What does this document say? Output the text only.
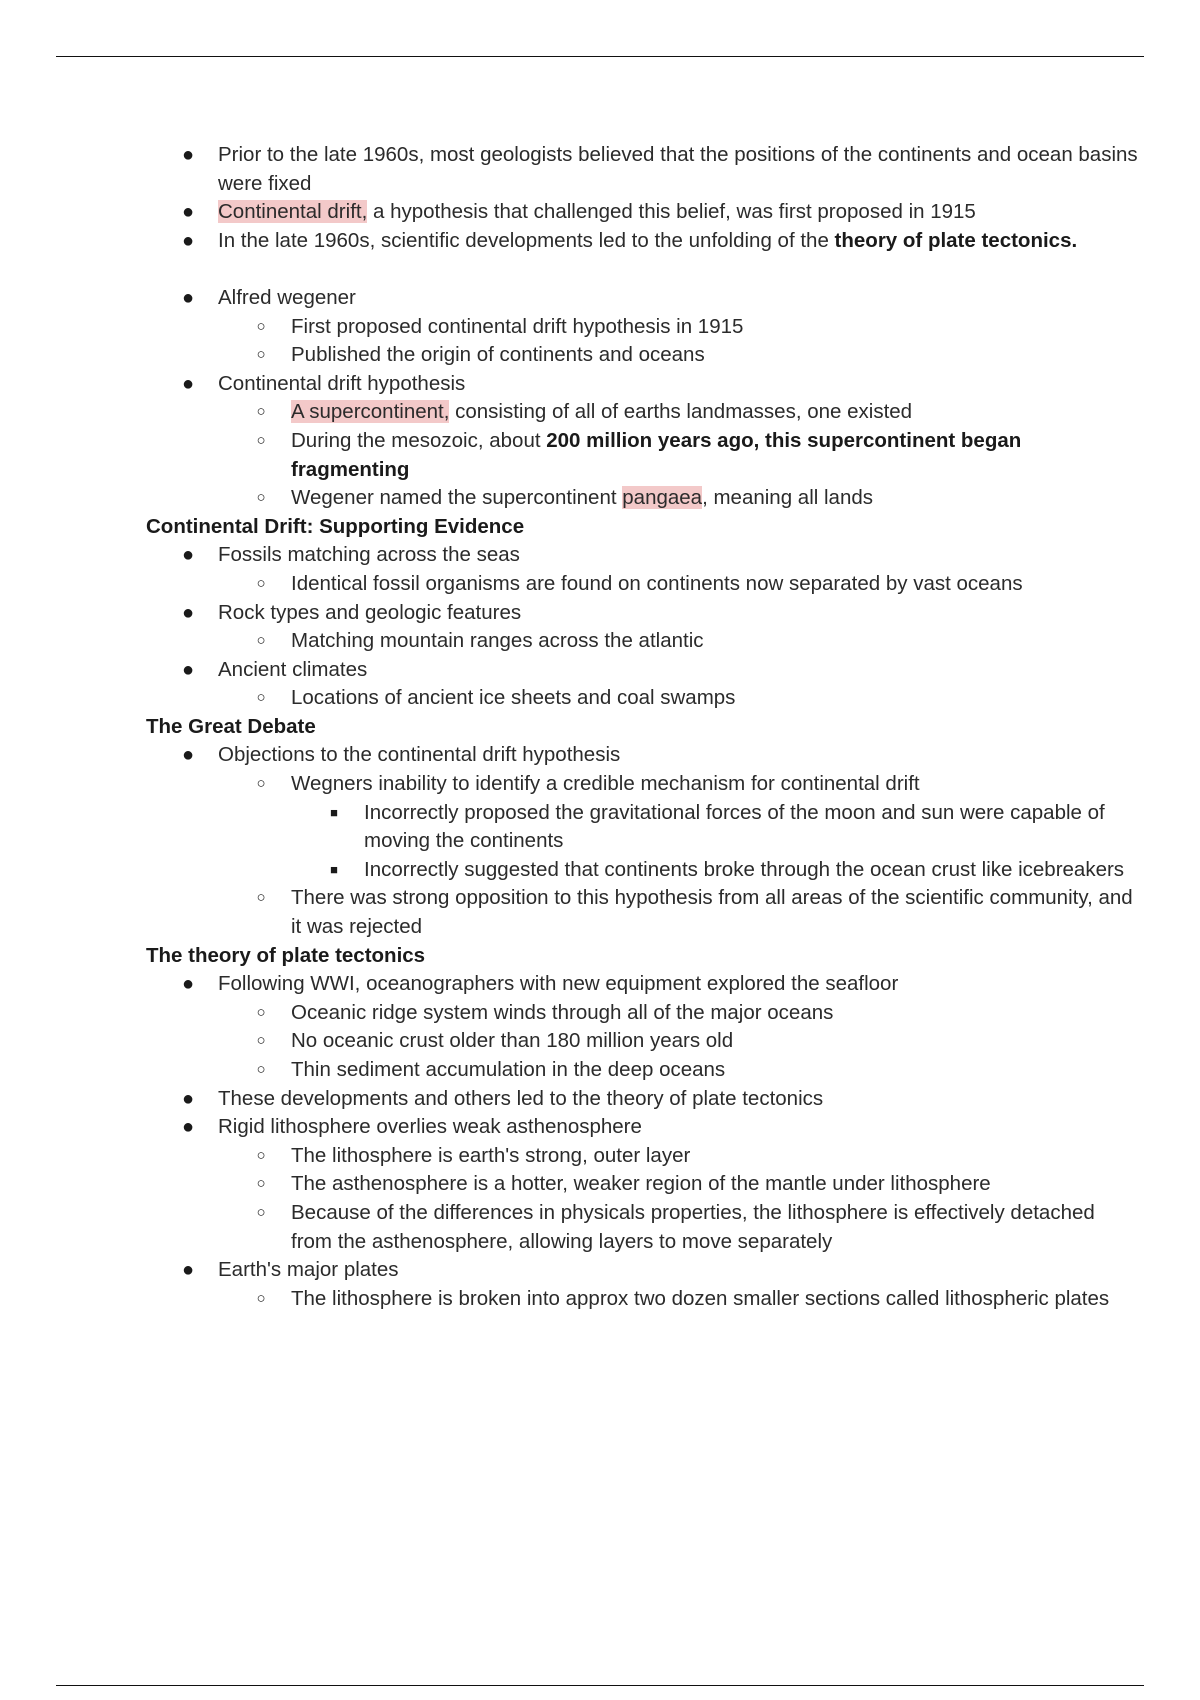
● Prior to the late 1960s, most geologists believed that the positions of the continents and ocean basins were fixed
● Continental drift, a hypothesis that challenged this belief, was first proposed in 1915
● In the late 1960s, scientific developments led to the unfolding of the theory of plate tectonics.
● Alfred wegener
○ First proposed continental drift hypothesis in 1915
○ Published the origin of continents and oceans
● Continental drift hypothesis
○ A supercontinent, consisting of all of earths landmasses, one existed
○ During the mesozoic, about 200 million years ago, this supercontinent began fragmenting
○ Wegener named the supercontinent pangaea, meaning all lands
Continental Drift: Supporting Evidence
● Fossils matching across the seas
○ Identical fossil organisms are found on continents now separated by vast oceans
● Rock types and geologic features
○ Matching mountain ranges across the atlantic
● Ancient climates
○ Locations of ancient ice sheets and coal swamps
The Great Debate
● Objections to the continental drift hypothesis
○ Wegners inability to identify a credible mechanism for continental drift
■ Incorrectly proposed the gravitational forces of the moon and sun were capable of moving the continents
■ Incorrectly suggested that continents broke through the ocean crust like icebreakers
○ There was strong opposition to this hypothesis from all areas of the scientific community, and it was rejected
The theory of plate tectonics
● Following WWI, oceanographers with new equipment explored the seafloor
○ Oceanic ridge system winds through all of the major oceans
○ No oceanic crust older than 180 million years old
○ Thin sediment accumulation in the deep oceans
● These developments and others led to the theory of plate tectonics
● Rigid lithosphere overlies weak asthenosphere
○ The lithosphere is earth's strong, outer layer
○ The asthenosphere is a hotter, weaker region of the mantle under lithosphere
○ Because of the differences in physicals properties, the lithosphere is effectively detached from the asthenosphere, allowing layers to move separately
● Earth's major plates
○ The lithosphere is broken into approx two dozen smaller sections called lithospheric plates
